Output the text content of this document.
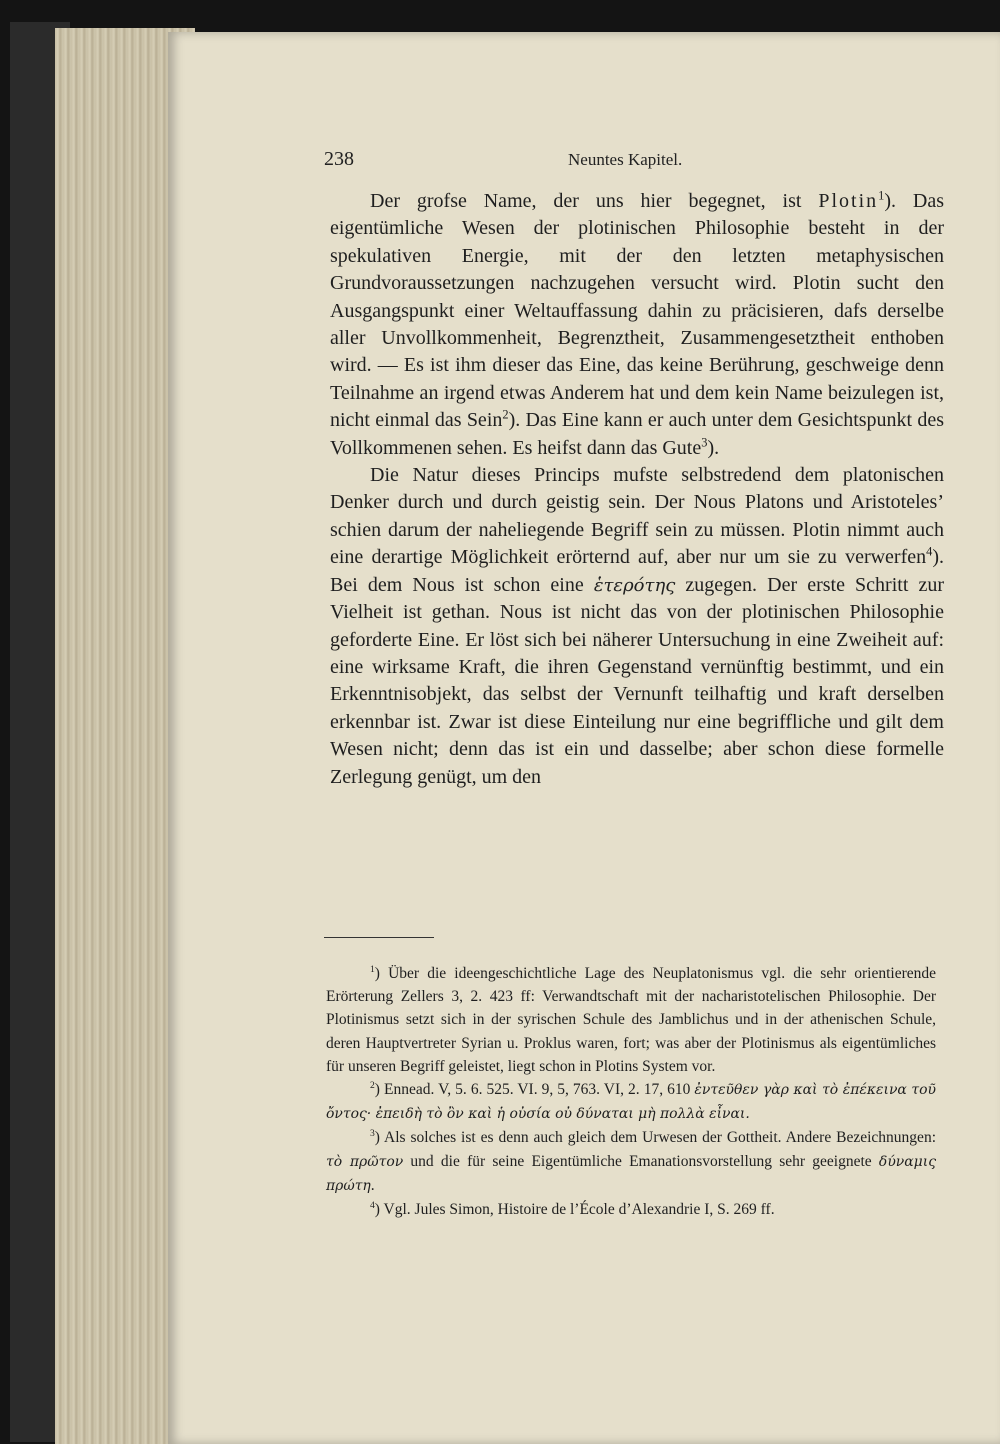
238	Neuntes Kapitel.

Der grofse Name, der uns hier begegnet, ist Plotin$^1$). Das eigentümliche Wesen der plotinischen Philosophie besteht in der spekulativen Energie, mit der den letzten metaphysischen Grundvoraussetzungen nachzugehen versucht wird. Plotin sucht den Ausgangspunkt einer Weltauffassung dahin zu präcisieren, dafs derselbe aller Unvollkommenheit, Begrenztheit, Zusammengesetztheit enthoben wird. — Es ist ihm dieser das Eine, das keine Berührung, geschweige denn Teilnahme an irgend etwas Anderem hat und dem kein Name beizulegen ist, nicht einmal das Sein$^2$). Das Eine kann er auch unter dem Gesichtspunkt des Vollkommenen sehen. Es heifst dann das Gute$^3$).

Die Natur dieses Princips mufste selbstredend dem platonischen Denker durch und durch geistig sein. Der Nous Platons und Aristoteles’ schien darum der naheliegende Begriff sein zu müssen. Plotin nimmt auch eine derartige Möglichkeit erörternd auf, aber nur um sie zu verwerfen$^4$). Bei dem Nous ist schon eine ἑτερότης zugegen. Der erste Schritt zur Vielheit ist gethan. Nous ist nicht das von der plotinischen Philosophie geforderte Eine. Er löst sich bei näherer Untersuchung in eine Zweiheit auf: eine wirksame Kraft, die ihren Gegenstand vernünftig bestimmt, und ein Erkenntnisobjekt, das selbst der Vernunft teilhaftig und kraft derselben erkennbar ist. Zwar ist diese Einteilung nur eine begriffliche und gilt dem Wesen nicht; denn das ist ein und dasselbe; aber schon diese formelle Zerlegung genügt, um den

$^1$) Über die ideengeschichtliche Lage des Neuplatonismus vgl. die sehr orientierende Erörterung Zellers 3, 2. 423 ff: Verwandtschaft mit der nacharistotelischen Philosophie. Der Plotinismus setzt sich in der syrischen Schule des Jamblichus und in der athenischen Schule, deren Hauptvertreter Syrian u. Proklus waren, fort; was aber der Plotinismus als eigentümliches für unseren Begriff geleistet, liegt schon in Plotins System vor.

$^2$) Ennead. V, 5. 6. 525. VI. 9, 5, 763. VI, 2. 17, 610 ἐντεῦθεν γὰρ καὶ τὸ ἐπέκεινα τοῦ ὄντος· ἐπειδὴ τὸ ὂν καὶ ἡ οὐσία οὐ δύναται μὴ πολλὰ εἶναι.

$^3$) Als solches ist es denn auch gleich dem Urwesen der Gottheit. Andere Bezeichnungen: τὸ πρῶτον und die für seine Eigentümliche Emanationsvorstellung sehr geeignete δύναμις πρώτη.

$^4$) Vgl. Jules Simon, Histoire de l’École d’Alexandrie I, S. 269 ff.
